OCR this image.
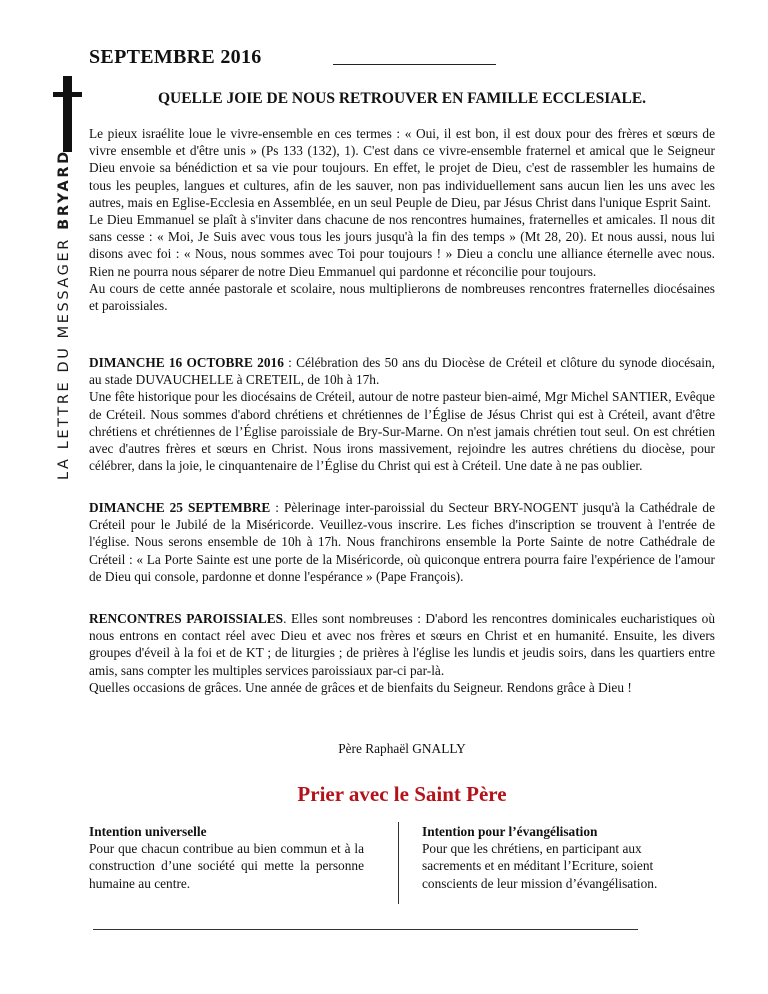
SEPTEMBRE 2016
LA LETTRE DU MESSAGER BRYARD
QUELLE JOIE DE NOUS RETROUVER EN FAMILLE ECCLESIALE.

Le pieux israélite loue le vivre-ensemble en ces termes : « Oui, il est bon, il est doux pour des frères et sœurs de vivre ensemble et d'être unis » (Ps 133 (132), 1). C'est dans ce vivre-ensemble fraternel et amical que le Seigneur Dieu envoie sa bénédiction et sa vie pour toujours. En effet, le projet de Dieu, c'est de rassembler les humains de tous les peuples, langues et cultures, afin de les sauver, non pas individuellement sans aucun lien les uns avec les autres, mais en Eglise-Ecclesia en Assemblée, en un seul Peuple de Dieu, par Jésus Christ dans l'unique Esprit Saint.

Le Dieu Emmanuel se plaît à s'inviter dans chacune de nos rencontres humaines, fraternelles et amicales. Il nous dit sans cesse : « Moi, Je Suis avec vous tous les jours jusqu'à la fin des temps » (Mt 28, 20). Et nous aussi, nous lui disons avec foi : « Nous, nous sommes avec Toi pour toujours ! » Dieu a conclu une alliance éternelle avec nous. Rien ne pourra nous séparer de notre Dieu Emmanuel qui pardonne et réconcilie pour toujours.

Au cours de cette année pastorale et scolaire, nous multiplierons de nombreuses rencontres fraternelles diocésaines et paroissiales.

DIMANCHE 16 OCTOBRE 2016 : Célébration des 50 ans du Diocèse de Créteil et clôture du synode diocésain, au stade DUVAUCHELLE à CRETEIL, de 10h à 17h.

Une fête historique pour les diocésains de Créteil, autour de notre pasteur bien-aimé, Mgr Michel SANTIER, Evêque de Créteil. Nous sommes d'abord chrétiens et chrétiennes de l’Église de Jésus Christ qui est à Créteil, avant d'être chrétiens et chrétiennes de l’Église paroissiale de Bry-Sur-Marne. On n'est jamais chrétien tout seul. On est chrétien avec d'autres frères et sœurs en Christ. Nous irons massivement, rejoindre les autres chrétiens du diocèse, pour célébrer, dans la joie, le cinquantenaire de l’Église du Christ qui est à Créteil. Une date à ne pas oublier.

DIMANCHE 25 SEPTEMBRE : Pèlerinage inter-paroissial du Secteur BRY-NOGENT jusqu'à la Cathédrale de Créteil pour le Jubilé de la Miséricorde. Veuillez-vous inscrire. Les fiches d'inscription se trouvent à l'entrée de l'église. Nous serons ensemble de 10h à 17h. Nous franchirons ensemble la Porte Sainte de notre Cathédrale de Créteil : « La Porte Sainte est une porte de la Miséricorde, où quiconque entrera pourra faire l'expérience de l'amour de Dieu qui console, pardonne et donne l'espérance » (Pape François).

RENCONTRES PAROISSIALES. Elles sont nombreuses : D'abord les rencontres dominicales eucharistiques où nous entrons en contact réel avec Dieu et avec nos frères et sœurs en Christ et en humanité. Ensuite, les divers groupes d'éveil à la foi et de KT ; de liturgies ; de prières à l'église les lundis et jeudis soirs, dans les quartiers entre amis, sans compter les multiples services paroissiaux par-ci par-là.

Quelles occasions de grâces. Une année de grâces et de bienfaits du Seigneur. Rendons grâce à Dieu !

Père Raphaël GNALLY
Prier avec le Saint Père
Intention universelle

Pour que chacun contribue au bien commun et à la construction d’une société qui mette la personne humaine au centre.

Intention pour l’évangélisation

Pour que les chrétiens, en participant aux sacrements et en méditant l’Ecriture, soient conscients de leur mission d’évangélisation.
